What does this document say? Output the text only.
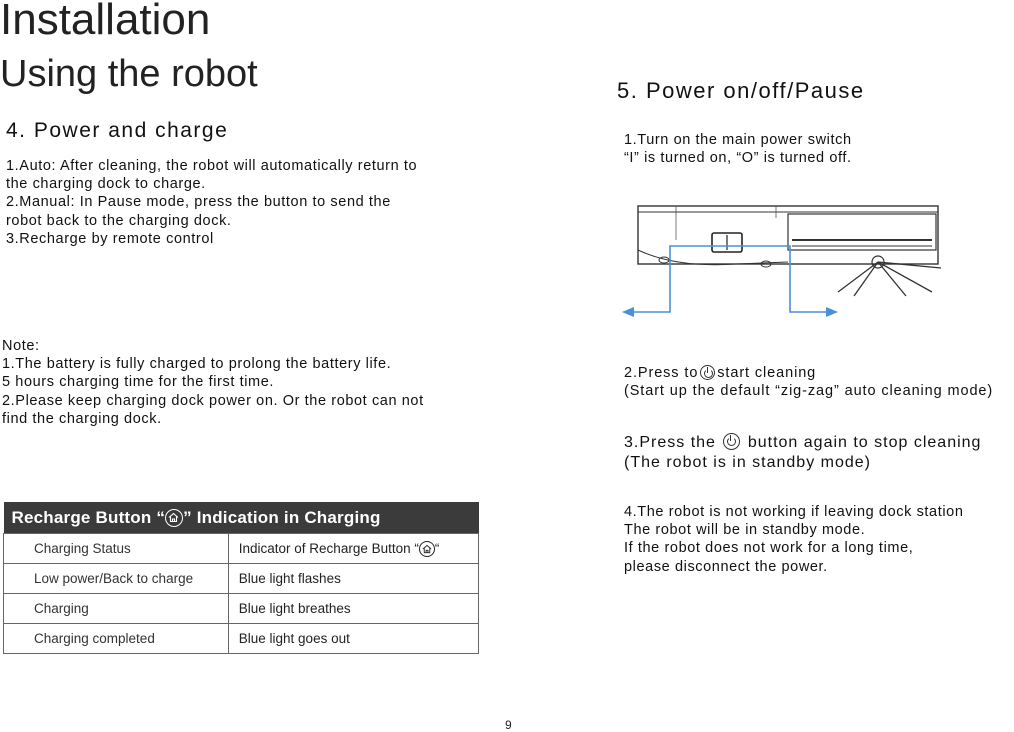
Installation
Using the robot
4. Power and charge
1.Auto: After cleaning, the robot will automatically return to
the charging dock to charge.
2.Manual: In Pause mode, press the button to send the
robot back to the charging dock.
3.Recharge by remote control
Note:
1.The battery is fully charged to prolong the battery life.
5 hours charging time for the first time.
2.Please keep charging dock power on. Or the robot can not
find the charging dock.
Recharge Button “ ” Indication in Charging	
Charging Status	Indicator of Recharge Button “ “
Low power/Back to charge	Blue light flashes
Charging	Blue light breathes
Charging completed	Blue light goes out
5. Power on/off/Pause
1.Turn on the main power switch
“I” is turned on, “O” is turned off.
2.Press to start cleaning
(Start up the default “zig-zag” auto cleaning mode)
3.Press the  button again to stop cleaning
(The robot is in standby mode)
4.The robot is not working if leaving dock station
The robot will be in standby mode.
If the robot does not work for a long time,
please disconnect the power.
9
